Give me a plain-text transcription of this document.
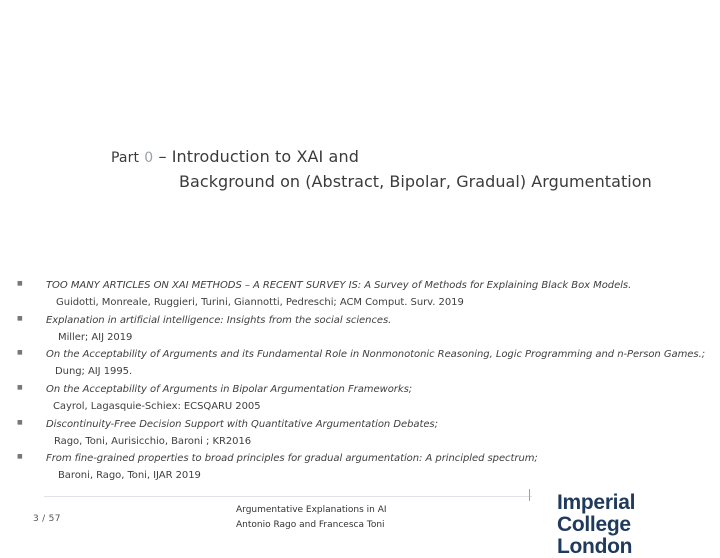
Part 0 – Introduction to XAI and
Background on (Abstract, Bipolar, Gradual) Argumentation
■ TOO MANY ARTICLES ON XAI METHODS – A RECENT SURVEY IS: A Survey of Methods for Explaining Black Box Models.
Guidotti, Monreale, Ruggieri, Turini, Giannotti, Pedreschi; ACM Comput. Surv. 2019
■ Explanation in artificial intelligence: Insights from the social sciences.
Miller; AIJ 2019
■ On the Acceptability of Arguments and its Fundamental Role in Nonmonotonic Reasoning, Logic Programming and n-Person Games.;
Dung; AIJ 1995.
■ On the Acceptability of Arguments in Bipolar Argumentation Frameworks;
Cayrol, Lagasquie-Schiex: ECSQARU 2005
■ Discontinuity-Free Decision Support with Quantitative Argumentation Debates;
Rago, Toni, Aurisicchio, Baroni ; KR2016
■ From fine-grained properties to broad principles for gradual argumentation: A principled spectrum;
Baroni, Rago, Toni, IJAR 2019
3 / 57
Argumentative Explanations in AI
Antonio Rago and Francesca Toni
Imperial College
London
